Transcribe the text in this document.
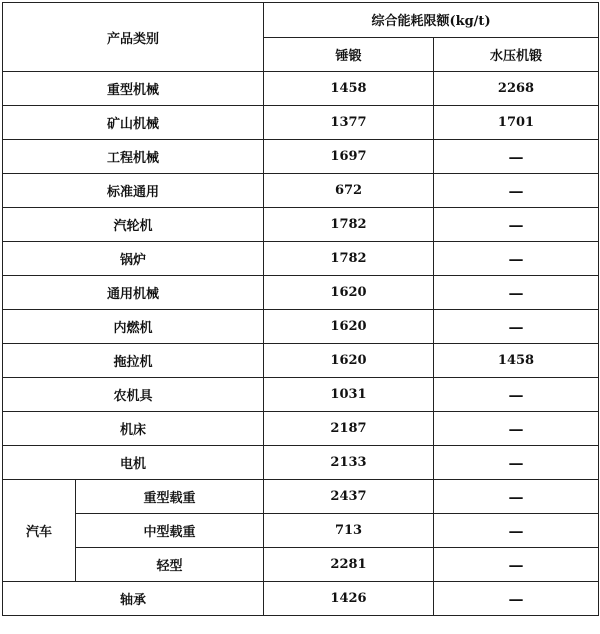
产品类别		综合能耗限额(kg/t)	
		锤锻	水压机锻
重型机械		1458	2268
矿山机械		1377	1701
工程机械		1697	—
标准通用		672	—
汽轮机		1782	—
锅炉		1782	—
通用机械		1620	—
内燃机		1620	—
拖拉机		1620	1458
农机具		1031	—
机床		2187	—
电机		2133	—
汽车	重型载重	2437	—
	中型载重	713	—
	轻型	2281	—
轴承		1426	—
